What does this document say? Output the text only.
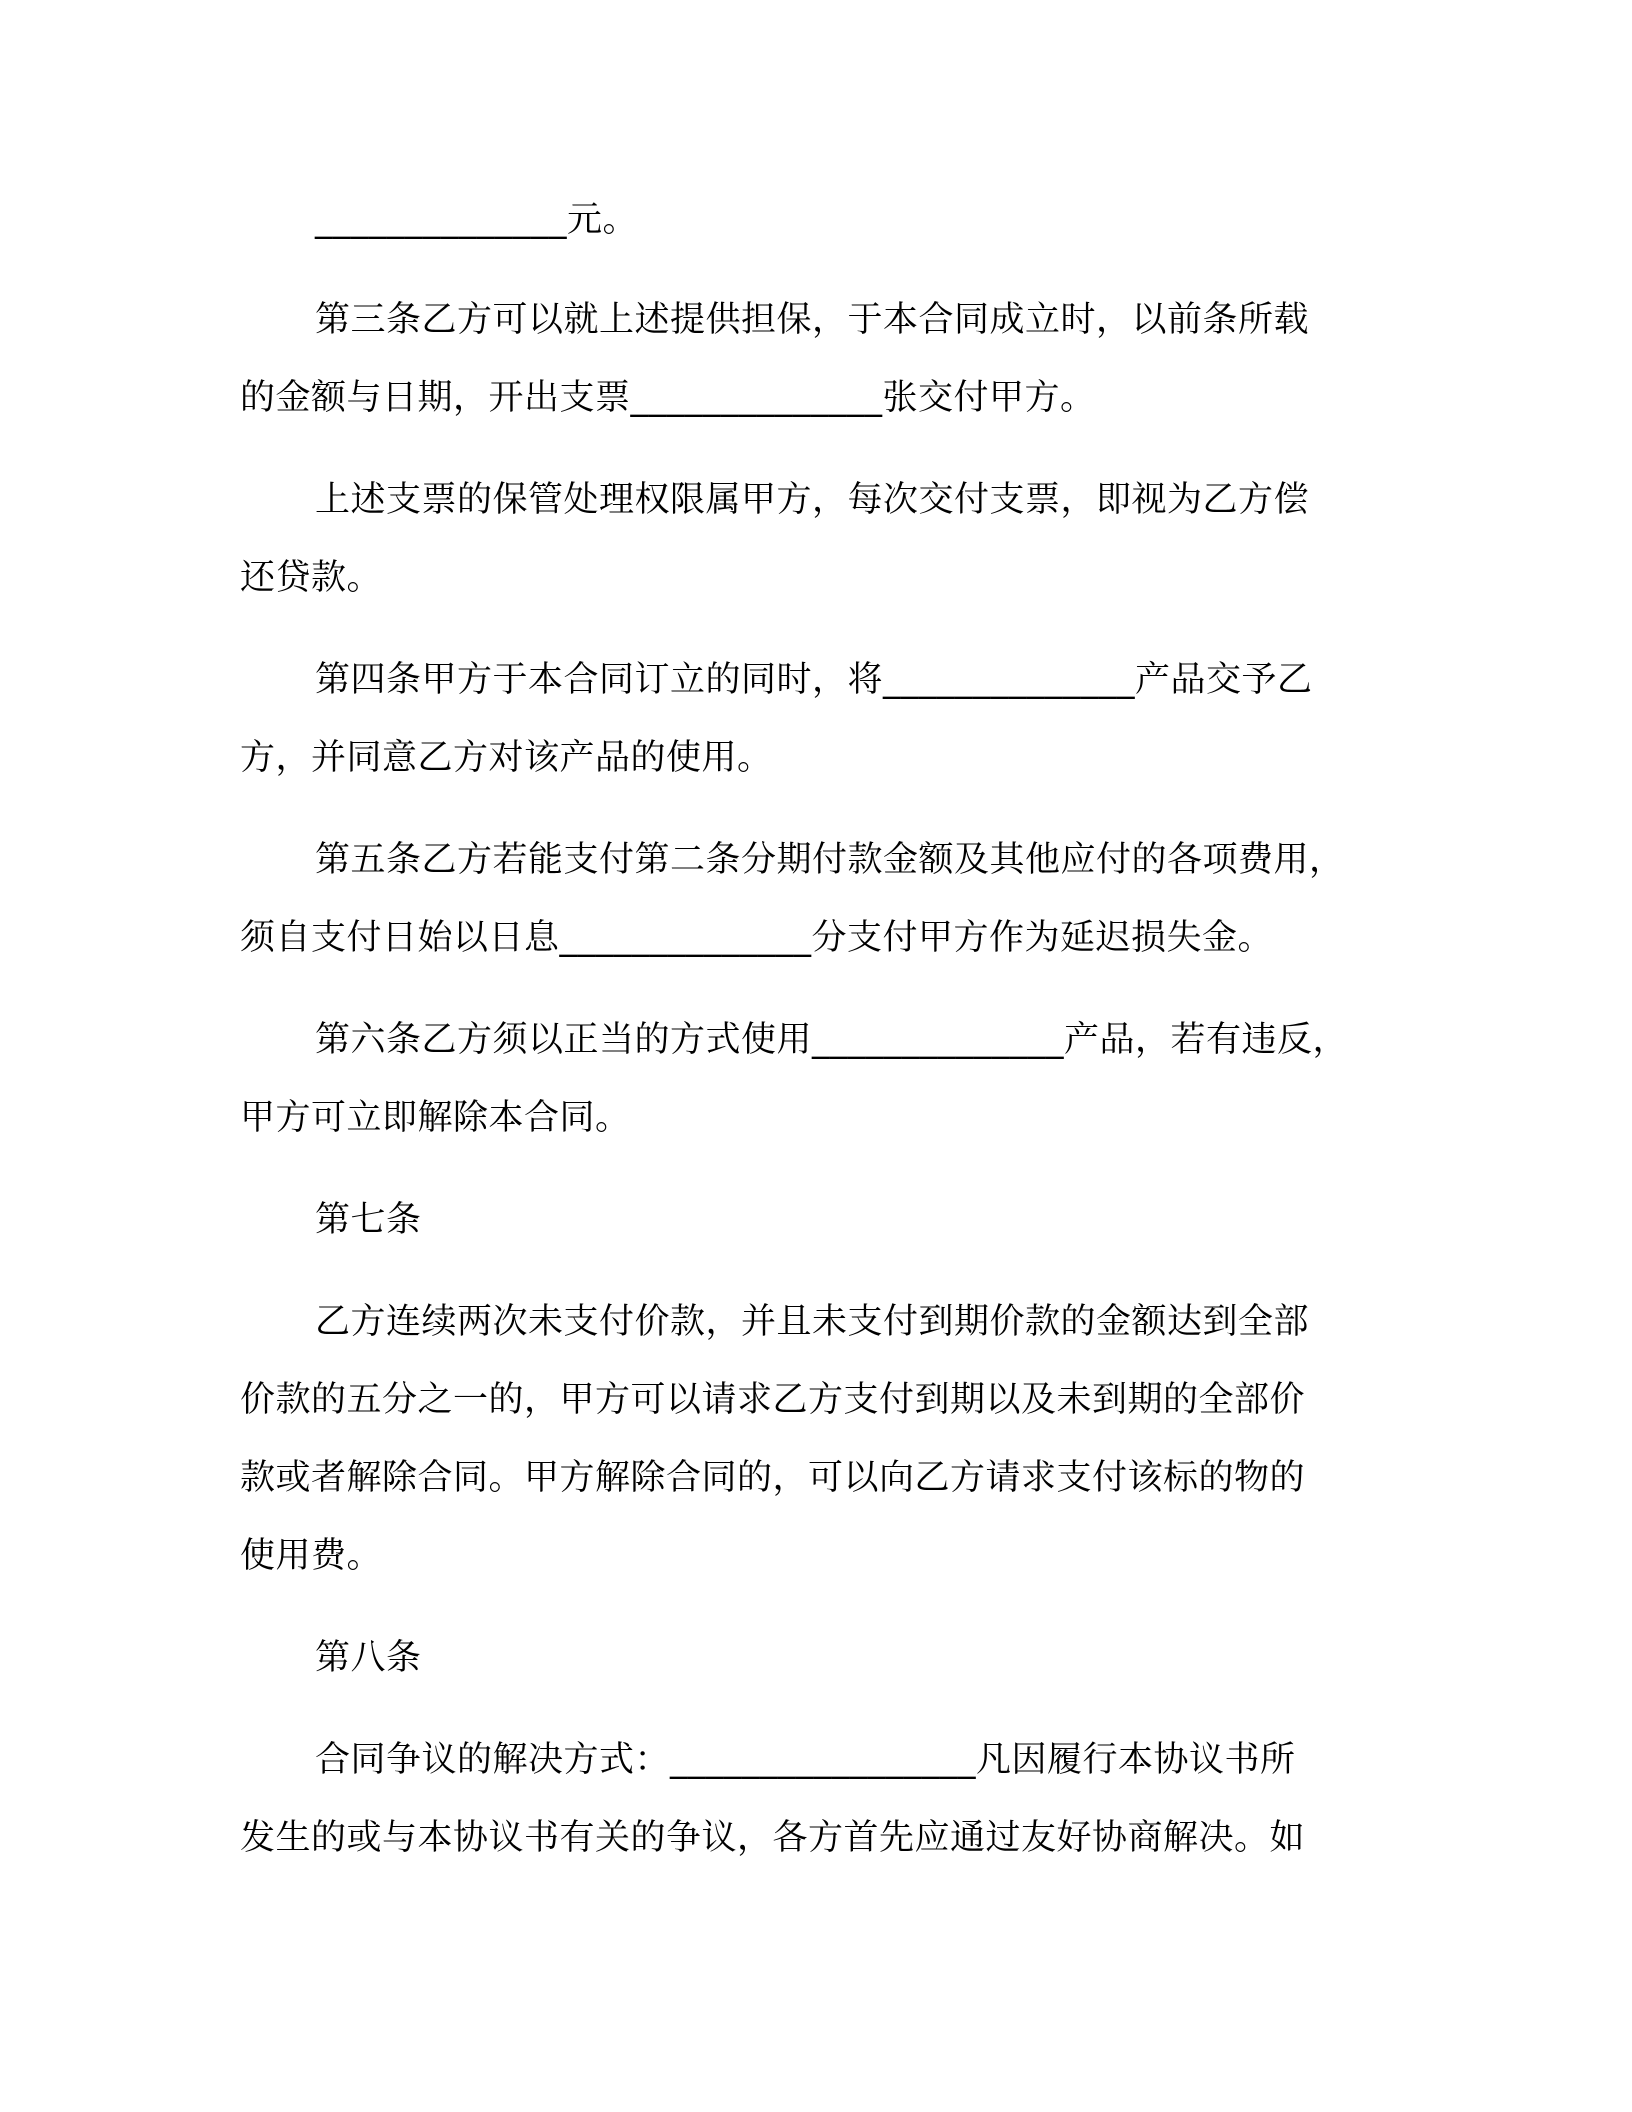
______________元。
第三条乙方可以就上述提供担保，于本合同成立时，以前条所载
的金额与日期，开出支票______________张交付甲方。
上述支票的保管处理权限属甲方，每次交付支票，即视为乙方偿
还贷款。
第四条甲方于本合同订立的同时，将______________产品交予乙
方，并同意乙方对该产品的使用。
第五条乙方若能支付第二条分期付款金额及其他应付的各项费用，
须自支付日始以日息______________分支付甲方作为延迟损失金。
第六条乙方须以正当的方式使用______________产品，若有违反，
甲方可立即解除本合同。
第七条
乙方连续两次未支付价款，并且未支付到期价款的金额达到全部
价款的五分之一的，甲方可以请求乙方支付到期以及未到期的全部价
款或者解除合同。甲方解除合同的，可以向乙方请求支付该标的物的
使用费。
第八条
合同争议的解决方式：_________________凡因履行本协议书所
发生的或与本协议书有关的争议，各方首先应通过友好协商解决。如
